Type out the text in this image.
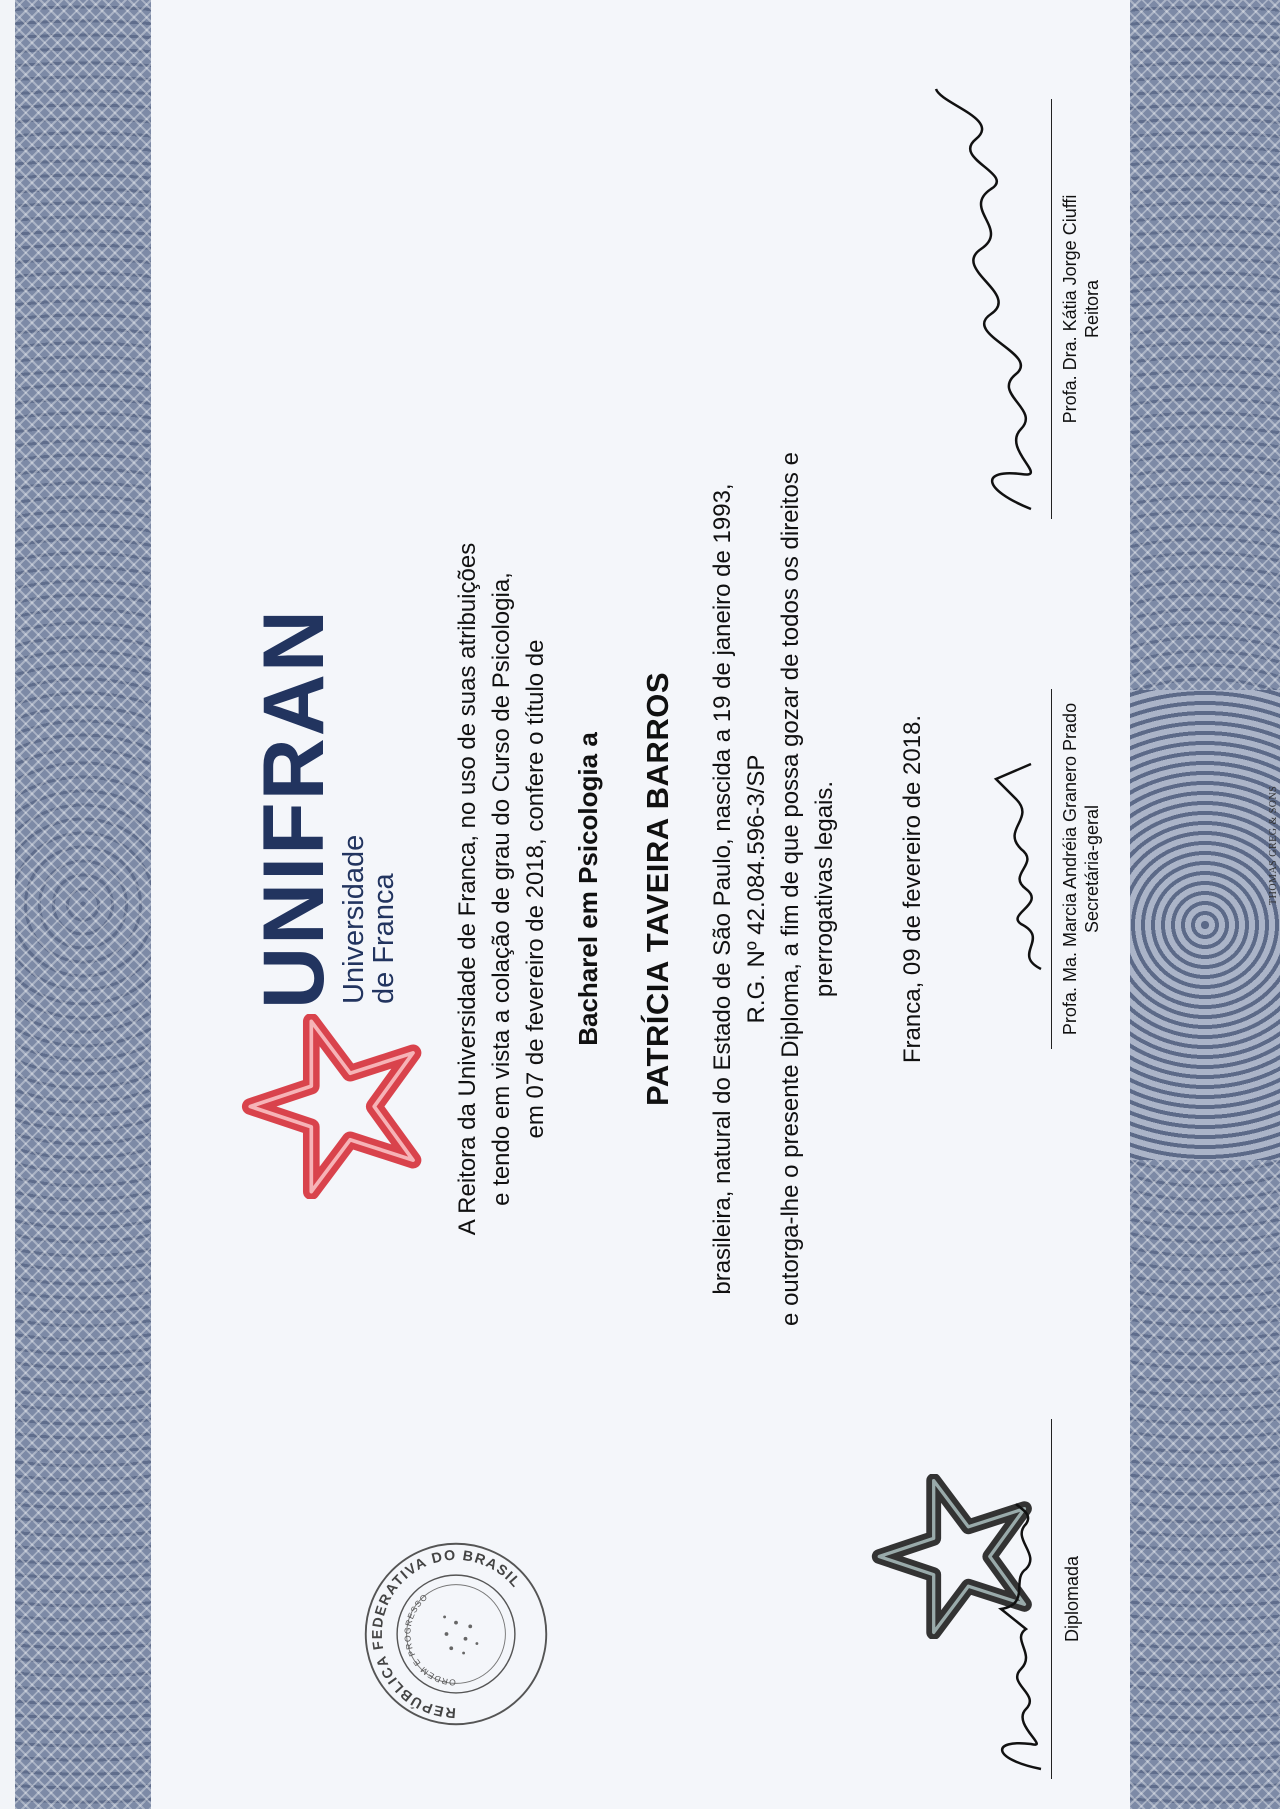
UNIFRAN
Universidade
de Franca
A Reitora da Universidade de Franca, no uso de suas atribuições
e tendo em vista a colação de grau do Curso de Psicologia,
em 07 de fevereiro de 2018, confere o título de
Bacharel em Psicologia a PATRÍCIA TAVEIRA BARROS
brasileira, natural do Estado de São Paulo, nascida a 19 de janeiro de 1993,
R.G. Nº 42.084.596-3/SP
e outorga-lhe o presente Diploma, a fim de que possa gozar de todos os direitos e
prerrogativas legais.	Franca, 09 de fevereiro de 2018.
REPÚBLICA FEDERATIVA DO BRASIL
ORDEM E PROGRESSO	Diplomada
Profa. Ma. Marcia Andréia Granero Prado Secretária-geral
Profa. Dra. Kátia Jorge Ciuffi Reitora
THOMAS GREG & SONS
